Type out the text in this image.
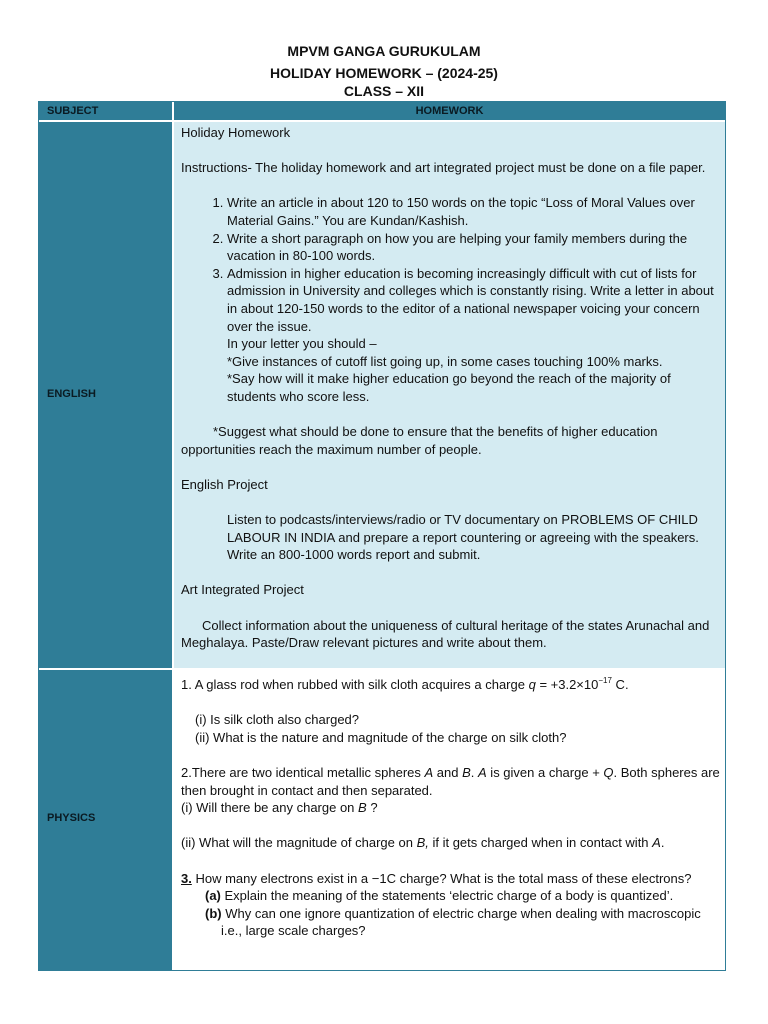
MPVM GANGA GURUKULAM
HOLIDAY HOMEWORK – (2024-25)
CLASS – XII
SUBJECT	HOMEWORK
ENGLISH

Holiday Homework

Instructions- The holiday homework and art integrated project must be done on a file paper.

1. Write an article in about 120 to 150 words on the topic “Loss of Moral Values over Material Gains.” You are Kundan/Kashish.
2. Write a short paragraph on how you are helping your family members during the vacation in 80-100 words.
3. Admission in higher education is becoming increasingly difficult with cut of lists for admission in University and colleges which is constantly rising. Write a letter in about in about 120-150 words to the editor of a national newspaper voicing your concern over the issue.

In your letter you should –

*Give instances of cutoff list going up, in some cases touching 100% marks.

*Say how will it make higher education go beyond the reach of the majority of students who score less.

*Suggest what should be done to ensure that the benefits of higher education opportunities reach the maximum number of people.

English Project

Listen to podcasts/interviews/radio or TV documentary on PROBLEMS OF CHILD LABOUR IN INDIA and prepare a report countering or agreeing with the speakers. Write an 800-1000 words report and submit.

Art Integrated Project

Collect information about the uniqueness of cultural heritage of the states Arunachal and Meghalaya. Paste/Draw relevant pictures and write about them.

PHYSICS

1. A glass rod when rubbed with silk cloth acquires a charge $q = +3.2\times 10^{-17}$ C.

(i) Is silk cloth also charged?

(ii) What is the nature and magnitude of the charge on silk cloth?

2.There are two identical metallic spheres A and B. A is given a charge + Q. Both spheres are then brought in contact and then separated.

(i) Will there be any charge on B ?

(ii) What will the magnitude of charge on B, if it gets charged when in contact with A.

3. How many electrons exist in a −1C charge? What is the total mass of these electrons?

(a) Explain the meaning of the statements ‘electric charge of a body is quantized’.

(b) Why can one ignore quantization of electric charge when dealing with macroscopic i.e., large scale charges?
